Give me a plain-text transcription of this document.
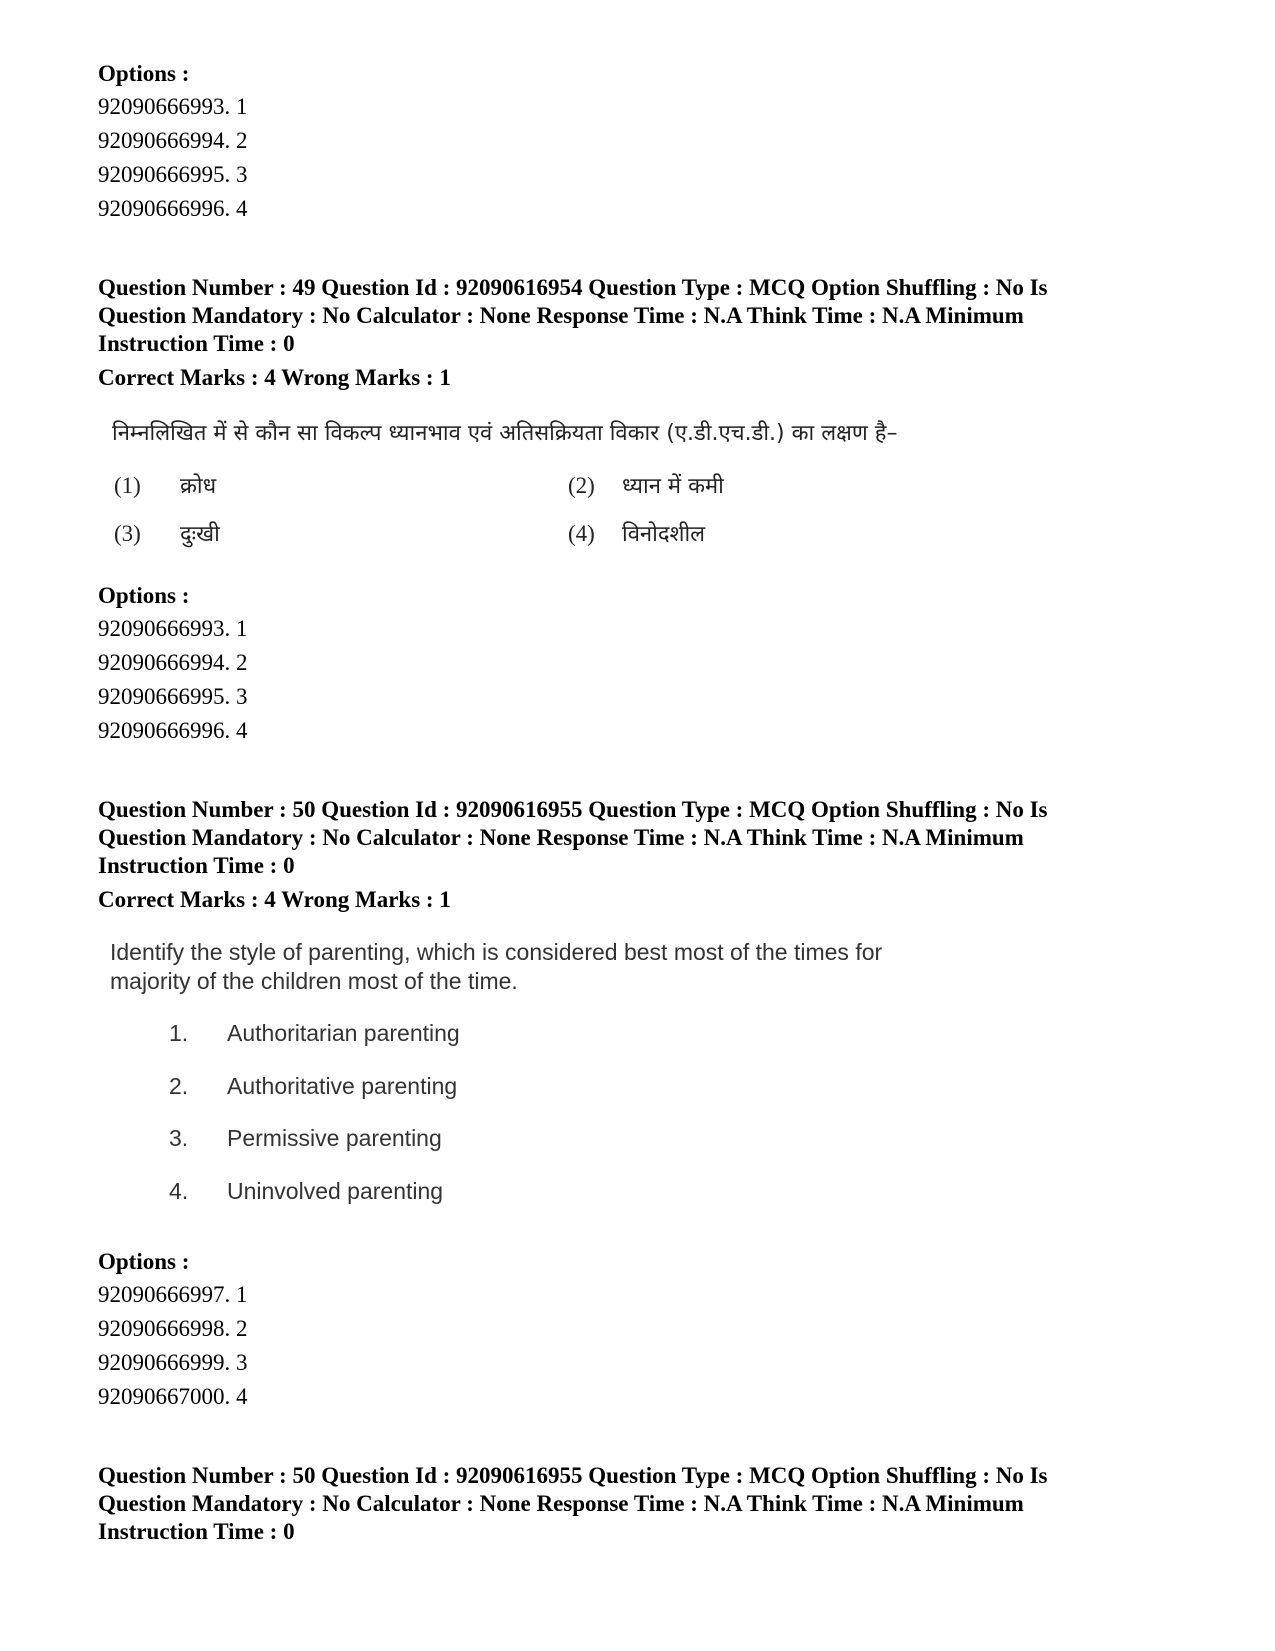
Options :

92090666993. 1

92090666994. 2

92090666995. 3

92090666996. 4

Question Number : 49 Question Id : 92090616954 Question Type : MCQ Option Shuffling : No Is

Question Mandatory : No Calculator : None Response Time : N.A Think Time : N.A Minimum

Instruction Time : 0

Correct Marks : 4 Wrong Marks : 1

निम्नलिखित में से कौन सा विकल्प ध्यानभाव एवं अतिसक्रियता विकार (ए.डी.एच.डी.) का लक्षण है–
(1) क्रोध	(2) ध्यान में कमी
(3) दुःखी	(4) विनोदशील

Options :

92090666993. 1

92090666994. 2

92090666995. 3

92090666996. 4

Question Number : 50 Question Id : 92090616955 Question Type : MCQ Option Shuffling : No Is

Question Mandatory : No Calculator : None Response Time : N.A Think Time : N.A Minimum

Instruction Time : 0

Correct Marks : 4 Wrong Marks : 1

Identify the style of parenting, which is considered best most of the times for
majority of the children most of the time.
1. Authoritarian parenting
2. Authoritative parenting
3. Permissive parenting
4. Uninvolved parenting

Options :

92090666997. 1

92090666998. 2

92090666999. 3

92090667000. 4

Question Number : 50 Question Id : 92090616955 Question Type : MCQ Option Shuffling : No Is

Question Mandatory : No Calculator : None Response Time : N.A Think Time : N.A Minimum

Instruction Time : 0
